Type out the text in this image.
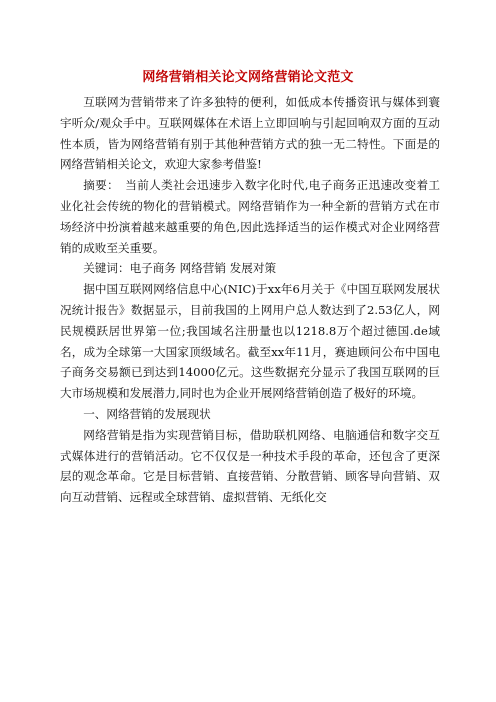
网络营销相关论文网络营销论文范文

互联网为营销带来了许多独特的便利，如低成本传播资讯与媒体到寰宇听众/观众手中。互联网媒体在术语上立即回响与引起回响双方面的互动性本质，皆为网络营销有别于其他种营销方式的独一无二特性。下面是的网络营销相关论文，欢迎大家参考借鉴!

摘要：　当前人类社会迅速步入数字化时代,电子商务正迅速改变着工业化社会传统的物化的营销模式。网络营销作为一种全新的营销方式在市场经济中扮演着越来越重要的角色,因此选择适当的运作模式对企业网络营销的成败至关重要。

关键词：电子商务 网络营销 发展对策

据中国互联网网络信息中心(NIC)于xx年6月关于《中国互联网发展状况统计报告》数据显示，目前我国的上网用户总人数达到了2.53亿人，网民规模跃居世界第一位;我国域名注册量也以1218.8万个超过德国.de域名，成为全球第一大国家顶级域名。截至xx年11月，赛迪顾问公布中国电子商务交易额已到达到14000亿元。这些数据充分显示了我国互联网的巨大市场规模和发展潜力,同时也为企业开展网络营销创造了极好的环境。

一、网络营销的发展现状

网络营销是指为实现营销目标，借助联机网络、电脑通信和数字交互式媒体进行的营销活动。它不仅仅是一种技术手段的革命，还包含了更深层的观念革命。它是目标营销、直接营销、分散营销、顾客导向营销、双向互动营销、远程或全球营销、虚拟营销、无纸化交
